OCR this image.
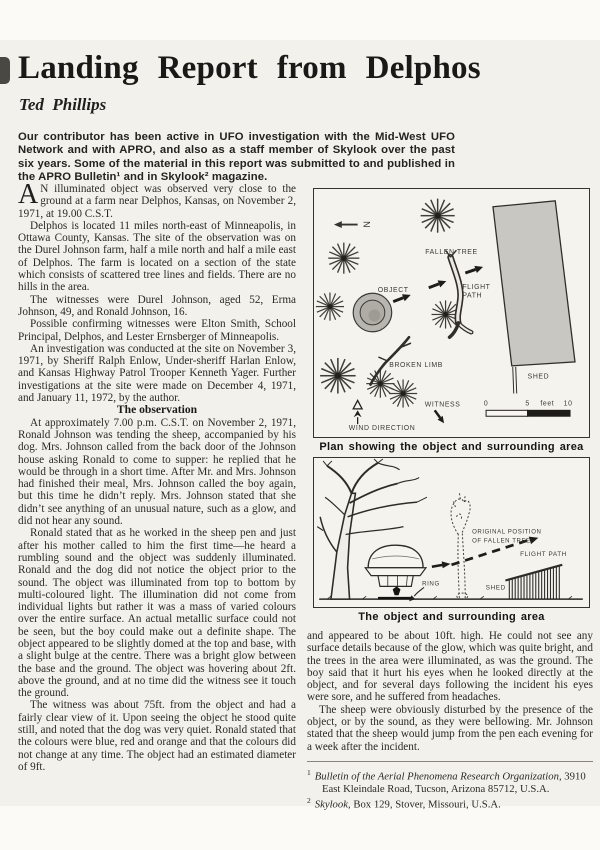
Landing Report from Delphos

Ted Phillips

Our contributor has been active in UFO investigation with the Mid-West UFO Network and with APRO, and also as a staff member of Skylook over the past six years. Some of the material in this report was submitted to and published in the APRO Bulletin¹ and in Skylook² magazine.

A N illuminated object was observed very close to the ground at a farm near Delphos, Kansas, on November 2, 1971, at 19.00 C.S.T.

Delphos is located 11 miles north-east of Minneapolis, in Ottawa County, Kansas. The site of the observation was on the Durel Johnson farm, half a mile north and half a mile east of Delphos. The farm is located on a section of the state which consists of scattered tree lines and fields. There are no hills in the area.

The witnesses were Durel Johnson, aged 52, Erma Johnson, 49, and Ronald Johnson, 16.

Possible confirming witnesses were Elton Smith, School Principal, Delphos, and Lester Ernsberger of Minneapolis.

An investigation was conducted at the site on November 3, 1971, by Sheriff Ralph Enlow, Under-sheriff Harlan Enlow, and Kansas Highway Patrol Trooper Kenneth Yager. Further investigations at the site were made on December 4, 1971, and January 11, 1972, by the author.

The observation

At approximately 7.00 p.m. C.S.T. on November 2, 1971, Ronald Johnson was tending the sheep, accompanied by his dog. Mrs. Johnson called from the back door of the Johnson house asking Ronald to come to supper: he replied that he would be through in a short time. After Mr. and Mrs. Johnson had finished their meal, Mrs. Johnson called the boy again, but this time he didn’t reply. Mrs. Johnson stated that she didn’t see anything of an unusual nature, such as a glow, and did not hear any sound.

Ronald stated that as he worked in the sheep pen and just after his mother called to him the first time—he heard a rumbling sound and the object was suddenly illuminated. Ronald and the dog did not notice the object prior to the sound. The object was illuminated from top to bottom by multi-coloured light. The illumination did not come from individual lights but rather it was a mass of varied colours over the entire surface. An actual metallic surface could not be seen, but the boy could make out a definite shape. The object appeared to be slightly domed at the top and base, with a slight bulge at the centre. There was a bright glow between the base and the ground. The object was hovering about 2ft. above the ground, and at no time did the witness see it touch the ground.

The witness was about 75ft. from the object and had a fairly clear view of it. Upon seeing the object he stood quite still, and noted that the dog was very quiet. Ronald stated that the colours were blue, red and orange and that the colours did not change at any time. The object had an estimated diameter of 9ft.

N
OBJECT	FLIGHT
PATH
FALLEN TREE
SHED
BROKEN LIMB
WITNESS
WIND DIRECTION
0	5 feet 10

Plan showing the object and surrounding area

RING
ORIGINAL POSITION
OF FALLEN TREE
FLIGHT PATH
SHED

The object and surrounding area

and appeared to be about 10ft. high. He could not see any surface details because of the glow, which was quite bright, and the trees in the area were illuminated, as was the ground. The boy said that it hurt his eyes when he looked directly at the object, and for several days following the incident his eyes were sore, and he suffered from headaches.

The sheep were obviously disturbed by the presence of the object, or by the sound, as they were bellowing. Mr. Johnson stated that the sheep would jump from the pen each evening for a week after the incident.

$^1$ Bulletin of the Aerial Phenomena Research Organization, 3910 East Kleindale Road, Tucson, Arizona 85712, U.S.A.

$^2$ Skylook, Box 129, Stover, Missouri, U.S.A.
